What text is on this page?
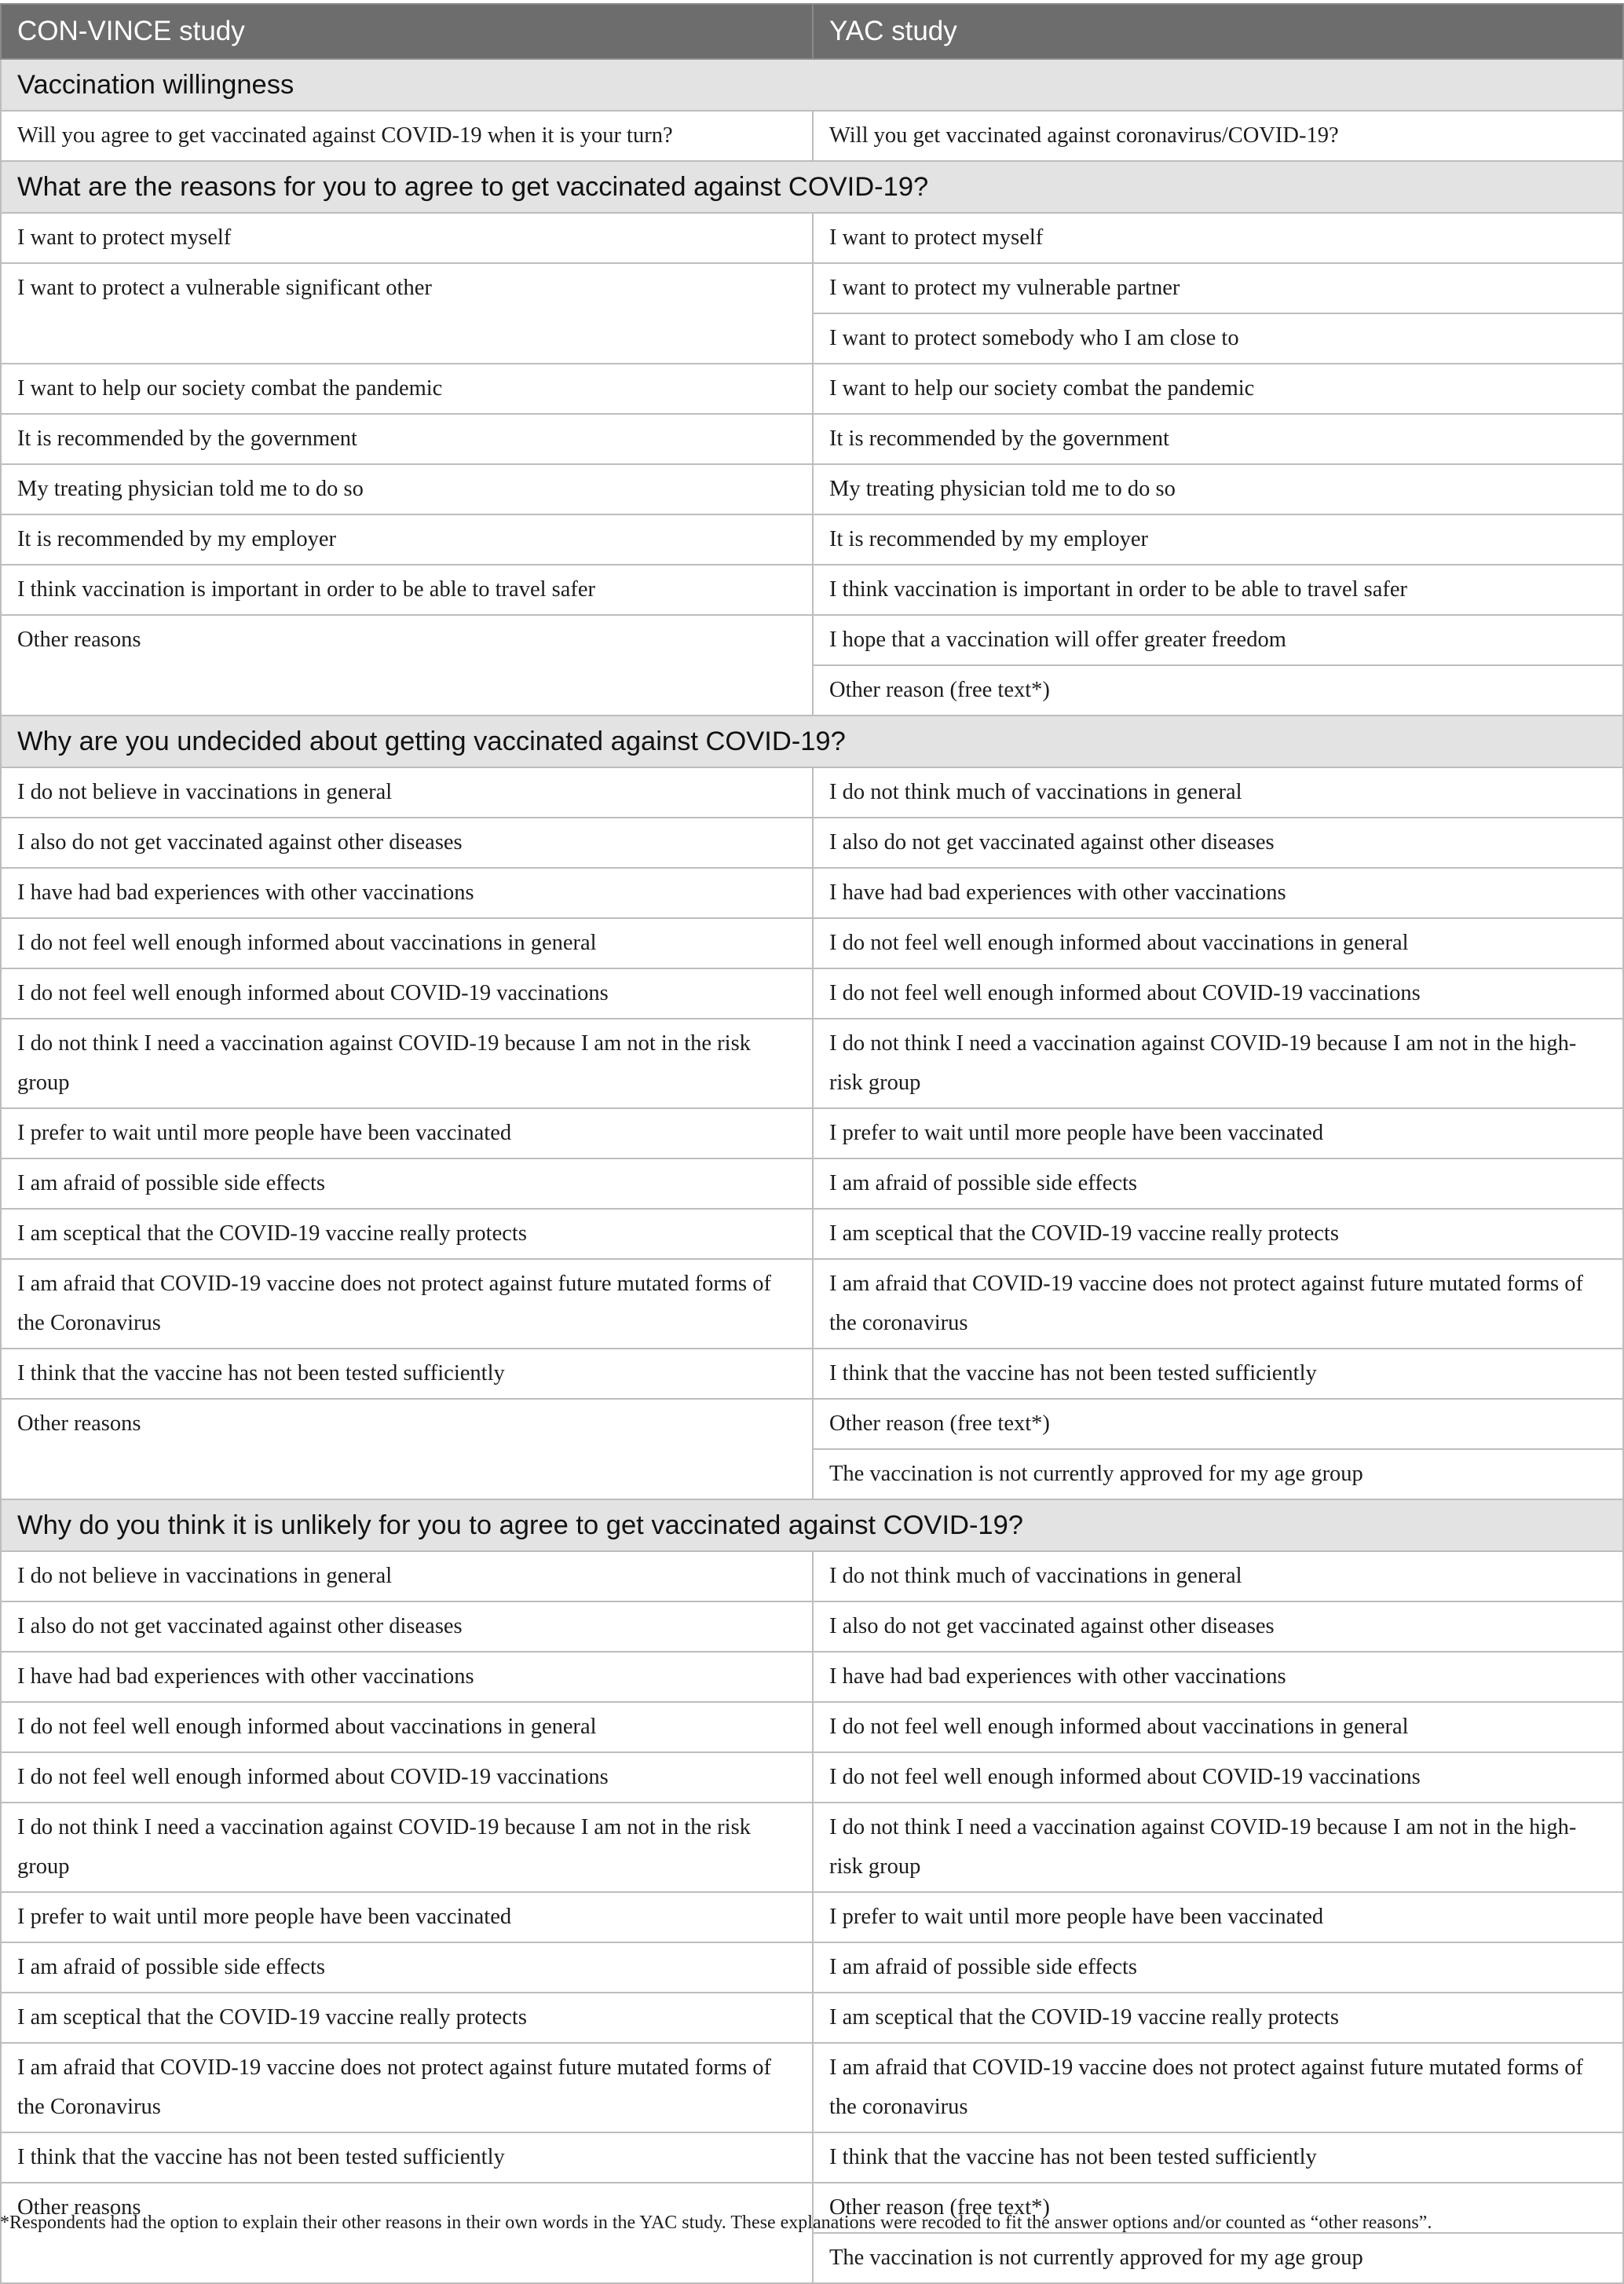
CON-VINCE study	YAC study
Vaccination willingness	
Will you agree to get vaccinated against COVID-19 when it is your turn?	Will you get vaccinated against coronavirus/COVID-19?
What are the reasons for you to agree to get vaccinated against COVID-19?	
I want to protect myself	I want to protect myself
I want to protect a vulnerable significant other	I want to protect my vulnerable partner
	I want to protect somebody who I am close to
I want to help our society combat the pandemic	I want to help our society combat the pandemic
It is recommended by the government	It is recommended by the government
My treating physician told me to do so	My treating physician told me to do so
It is recommended by my employer	It is recommended by my employer
I think vaccination is important in order to be able to travel safer	I think vaccination is important in order to be able to travel safer
Other reasons	I hope that a vaccination will offer greater freedom
	Other reason (free text*)
Why are you undecided about getting vaccinated against COVID-19?	
I do not believe in vaccinations in general	I do not think much of vaccinations in general
I also do not get vaccinated against other diseases	I also do not get vaccinated against other diseases
I have had bad experiences with other vaccinations	I have had bad experiences with other vaccinations
I do not feel well enough informed about vaccinations in general	I do not feel well enough informed about vaccinations in general
I do not feel well enough informed about COVID-19 vaccinations	I do not feel well enough informed about COVID-19 vaccinations
I do not think I need a vaccination against COVID-19 because I am not in the risk group	I do not think I need a vaccination against COVID-19 because I am not in the high-risk group
I prefer to wait until more people have been vaccinated	I prefer to wait until more people have been vaccinated
I am afraid of possible side effects	I am afraid of possible side effects
I am sceptical that the COVID-19 vaccine really protects	I am sceptical that the COVID-19 vaccine really protects
I am afraid that COVID-19 vaccine does not protect against future mutated forms of the Coronavirus	I am afraid that COVID-19 vaccine does not protect against future mutated forms of the coronavirus
I think that the vaccine has not been tested sufficiently	I think that the vaccine has not been tested sufficiently
Other reasons	Other reason (free text*)
	The vaccination is not currently approved for my age group
Why do you think it is unlikely for you to agree to get vaccinated against COVID-19?	
I do not believe in vaccinations in general	I do not think much of vaccinations in general
I also do not get vaccinated against other diseases	I also do not get vaccinated against other diseases
I have had bad experiences with other vaccinations	I have had bad experiences with other vaccinations
I do not feel well enough informed about vaccinations in general	I do not feel well enough informed about vaccinations in general
I do not feel well enough informed about COVID-19 vaccinations	I do not feel well enough informed about COVID-19 vaccinations
I do not think I need a vaccination against COVID-19 because I am not in the risk group	I do not think I need a vaccination against COVID-19 because I am not in the high-risk group
I prefer to wait until more people have been vaccinated	I prefer to wait until more people have been vaccinated
I am afraid of possible side effects	I am afraid of possible side effects
I am sceptical that the COVID-19 vaccine really protects	I am sceptical that the COVID-19 vaccine really protects
I am afraid that COVID-19 vaccine does not protect against future mutated forms of the Coronavirus	I am afraid that COVID-19 vaccine does not protect against future mutated forms of the coronavirus
I think that the vaccine has not been tested sufficiently	I think that the vaccine has not been tested sufficiently
Other reasons	Other reason (free text*)
	The vaccination is not currently approved for my age group
*Respondents had the option to explain their other reasons in their own words in the YAC study. These explanations were recoded to fit the answer options and/or counted as “other reasons”.
